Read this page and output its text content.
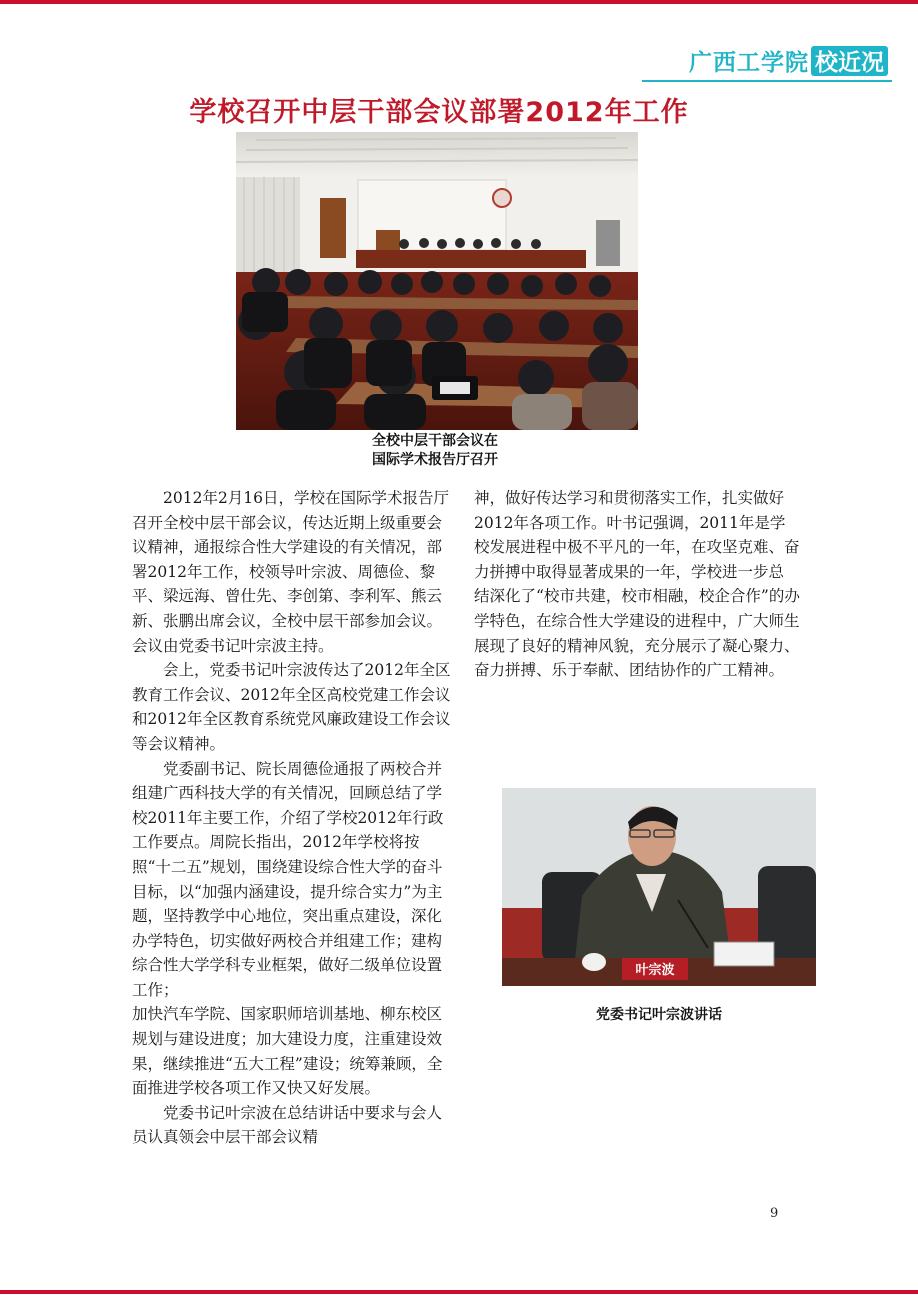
广西工学院 校近况
学校召开中层干部会议部署2012年工作
全校中层干部会议在
国际学术报告厅召开

2012年2月16日，学校在国际学术报告厅召开全校中层干部会议，传达近期上级重要会议精神，通报综合性大学建设的有关情况，部署2012年工作，校领导叶宗波、周德俭、黎平、梁远海、曾仕先、李创第、李利军、熊云新、张鹏出席会议，全校中层干部参加会议。会议由党委书记叶宗波主持。

会上，党委书记叶宗波传达了2012年全区教育工作会议、2012年全区高校党建工作会议和2012年全区教育系统党风廉政建设工作会议等会议精神。

党委副书记、院长周德俭通报了两校合并组建广西科技大学的有关情况，回顾总结了学校2011年主要工作，介绍了学校2012年行政工作要点。周院长指出，2012年学校将按照“十二五”规划，围绕建设综合性大学的奋斗目标，以“加强内涵建设，提升综合实力”为主题，坚持教学中心地位，突出重点建设，深化办学特色，切实做好两校合并组建工作；建构综合性大学学科专业框架，做好二级单位设置工作；

加快汽车学院、国家职师培训基地、柳东校区规划与建设进度；加大建设力度，注重建设效果，继续推进“五大工程”建设；统筹兼顾，全面推进学校各项工作又快又好发展。

党委书记叶宗波在总结讲话中要求与会人员认真领会中层干部会议精

神，做好传达学习和贯彻落实工作，扎实做好2012年各项工作。叶书记强调，2011年是学校发展进程中极不平凡的一年，在攻坚克难、奋力拼搏中取得显著成果的一年，学校进一步总

结深化了“校市共建，校市相融，校企合作”的办学特色，在综合性大学建设的进程中，广大师生展现了良好的精神风貌，充分展示了凝心聚力、奋力拼搏、乐于奉献、团结协作的广工精神。

叶宗波
党委书记叶宗波讲话
9
